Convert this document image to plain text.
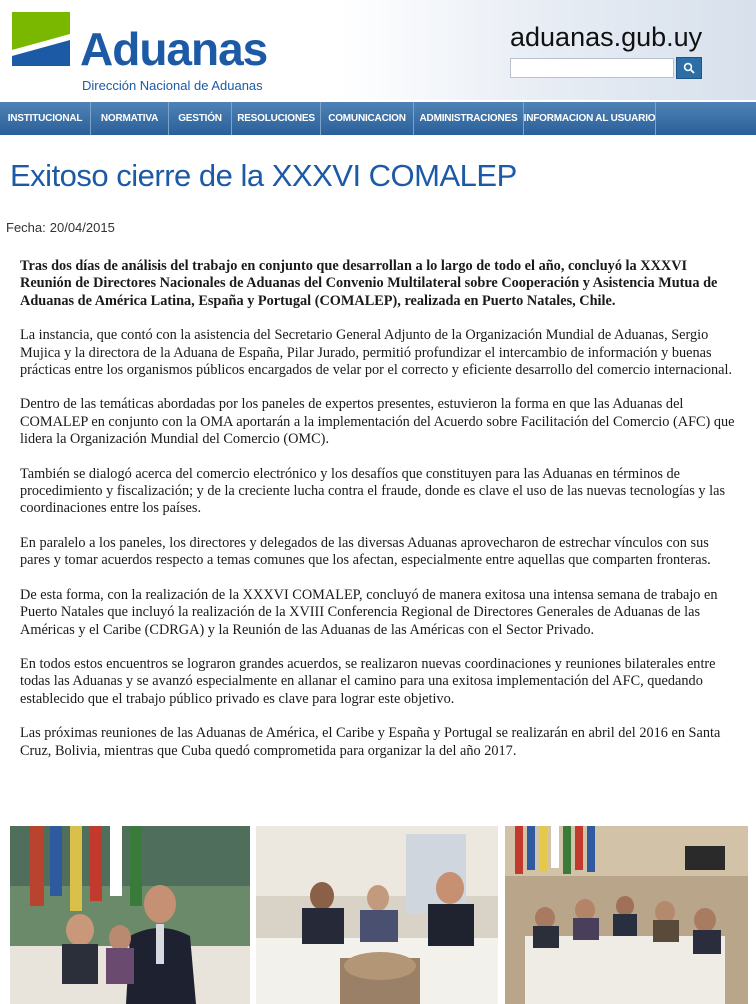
Aduanas
Dirección Nacional de Aduanas
aduanas.gub.uy
INSTITUCIONAL	NORMATIVA	GESTIÓN	RESOLUCIONES	COMUNICACION	ADMINISTRACIONES INFORMACION AL USUARIO
Exitoso cierre de la XXXVI COMALEP
Fecha: 20/04/2015

Tras dos días de análisis del trabajo en conjunto que desarrollan a lo largo de todo el año, concluyó la XXXVI Reunión de Directores Nacionales de Aduanas del Convenio Multilateral sobre Cooperación y Asistencia Mutua de Aduanas de América Latina, España y Portugal (COMALEP), realizada en Puerto Natales, Chile.

La instancia, que contó con la asistencia del Secretario General Adjunto de la Organización Mundial de Aduanas, Sergio Mujica y la directora de la Aduana de España, Pilar Jurado, permitió profundizar el intercambio de información y buenas prácticas entre los organismos públicos encargados de velar por el correcto y eficiente desarrollo del comercio internacional.

Dentro de las temáticas abordadas por los paneles de expertos presentes, estuvieron la forma en que las Aduanas del COMALEP en conjunto con la OMA aportarán a la implementación del Acuerdo sobre Facilitación del Comercio (AFC) que lidera la Organización Mundial del Comercio (OMC).

También se dialogó acerca del comercio electrónico y los desafíos que constituyen para las Aduanas en términos de procedimiento y fiscalización; y de la creciente lucha contra el fraude, donde es clave el uso de las nuevas tecnologías y las coordinaciones entre los países.

En paralelo a los paneles, los directores y delegados de las diversas Aduanas aprovecharon de estrechar vínculos con sus pares y tomar acuerdos respecto a temas comunes que los afectan, especialmente entre aquellas que comparten fronteras.

De esta forma, con la realización de la XXXVI COMALEP, concluyó de manera exitosa una intensa semana de trabajo en Puerto Natales que incluyó la realización de la XVIII Conferencia Regional de Directores Generales de Aduanas de las Américas y el Caribe (CDRGA) y la Reunión de las Aduanas de las Américas con el Sector Privado.

En todos estos encuentros se lograron grandes acuerdos, se realizaron nuevas coordinaciones y reuniones bilaterales entre todas las Aduanas y se avanzó especialmente en allanar el camino para una exitosa implementación del AFC, quedando establecido que el trabajo público privado es clave para lograr este objetivo.

Las próximas reuniones de las Aduanas de América, el Caribe y España y Portugal se realizarán en abril del 2016 en Santa Cruz, Bolivia, mientras que Cuba quedó comprometida para organizar la del año 2017.
